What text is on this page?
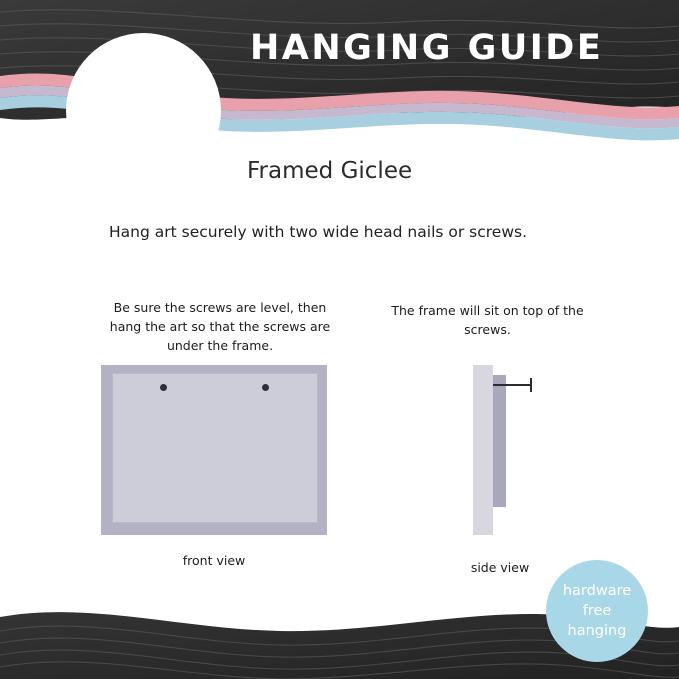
HANGING GUIDE
Framed Giclee
Hang art securely with two wide head nails or screws.
Be sure the screws are level, then hang the art so that the screws are under the frame.
The frame will sit on top of the screws.
front view	side view
hardware
free
hanging
